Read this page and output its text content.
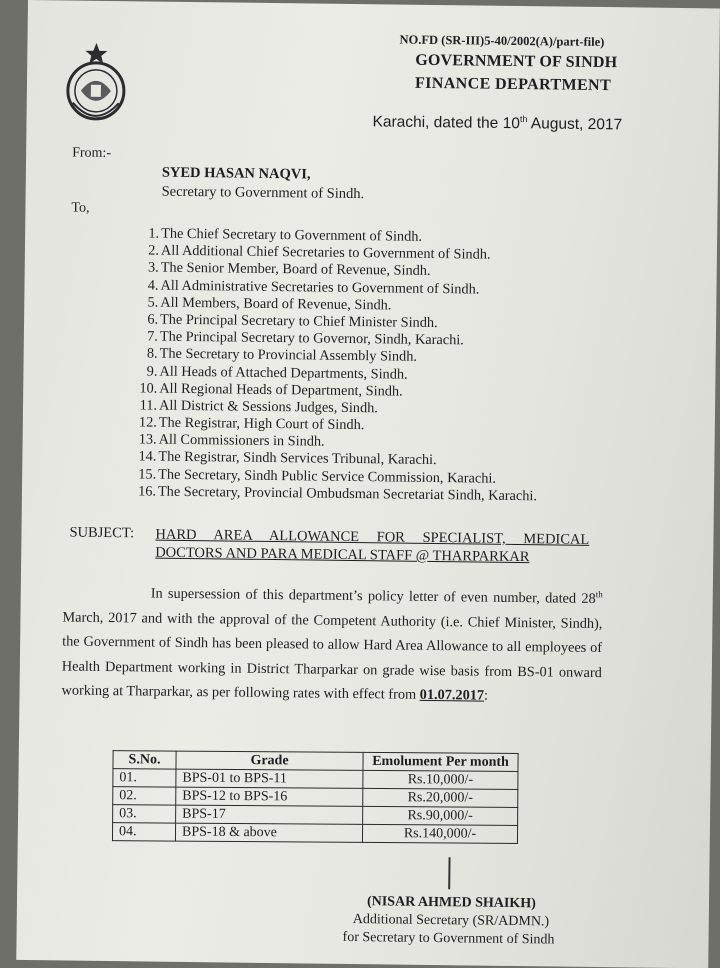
NO.FD (SR-III)5-40/2002(A)/part-file)
GOVERNMENT OF SINDH
FINANCE DEPARTMENT
Karachi, dated the 10th August, 2017
From:-
SYED HASAN NAQVI,
Secretary to Government of Sindh.
To,
1. The Chief Secretary to Government of Sindh.
2. All Additional Chief Secretaries to Government of Sindh.
3. The Senior Member, Board of Revenue, Sindh.
4. All Administrative Secretaries to Government of Sindh.
5. All Members, Board of Revenue, Sindh.
6. The Principal Secretary to Chief Minister Sindh.
7. The Principal Secretary to Governor, Sindh, Karachi.
8. The Secretary to Provincial Assembly Sindh.
9. All Heads of Attached Departments, Sindh.
10. All Regional Heads of Department, Sindh.
11. All District & Sessions Judges, Sindh.
12. The Registrar, High Court of Sindh.
13. All Commissioners in Sindh.
14. The Registrar, Sindh Services Tribunal, Karachi.
15. The Secretary, Sindh Public Service Commission, Karachi.
16. The Secretary, Provincial Ombudsman Secretariat Sindh, Karachi.
SUBJECT: HARD AREA ALLOWANCE FOR SPECIALIST, MEDICAL
DOCTORS AND PARA MEDICAL STAFF @ THARPARKAR
In supersession of this department’s policy letter of even number, dated 28th March, 2017 and with the approval of the Competent Authority (i.e. Chief Minister, Sindh), the Government of Sindh has been pleased to allow Hard Area Allowance to all employees of Health Department working in District Tharparkar on grade wise basis from BS-01 onward working at Tharparkar, as per following rates with effect from 01.07.2017:
S.No.	Grade	Emolument Per month
01.	BPS-01 to BPS-11	Rs.10,000/-
02.	BPS-12 to BPS-16	Rs.20,000/-
03.	BPS-17	Rs.90,000/-
04.	BPS-18 & above	Rs.140,000/-
(NISAR AHMED SHAIKH)
Additional Secretary (SR/ADMN.)
for Secretary to Government of Sindh
